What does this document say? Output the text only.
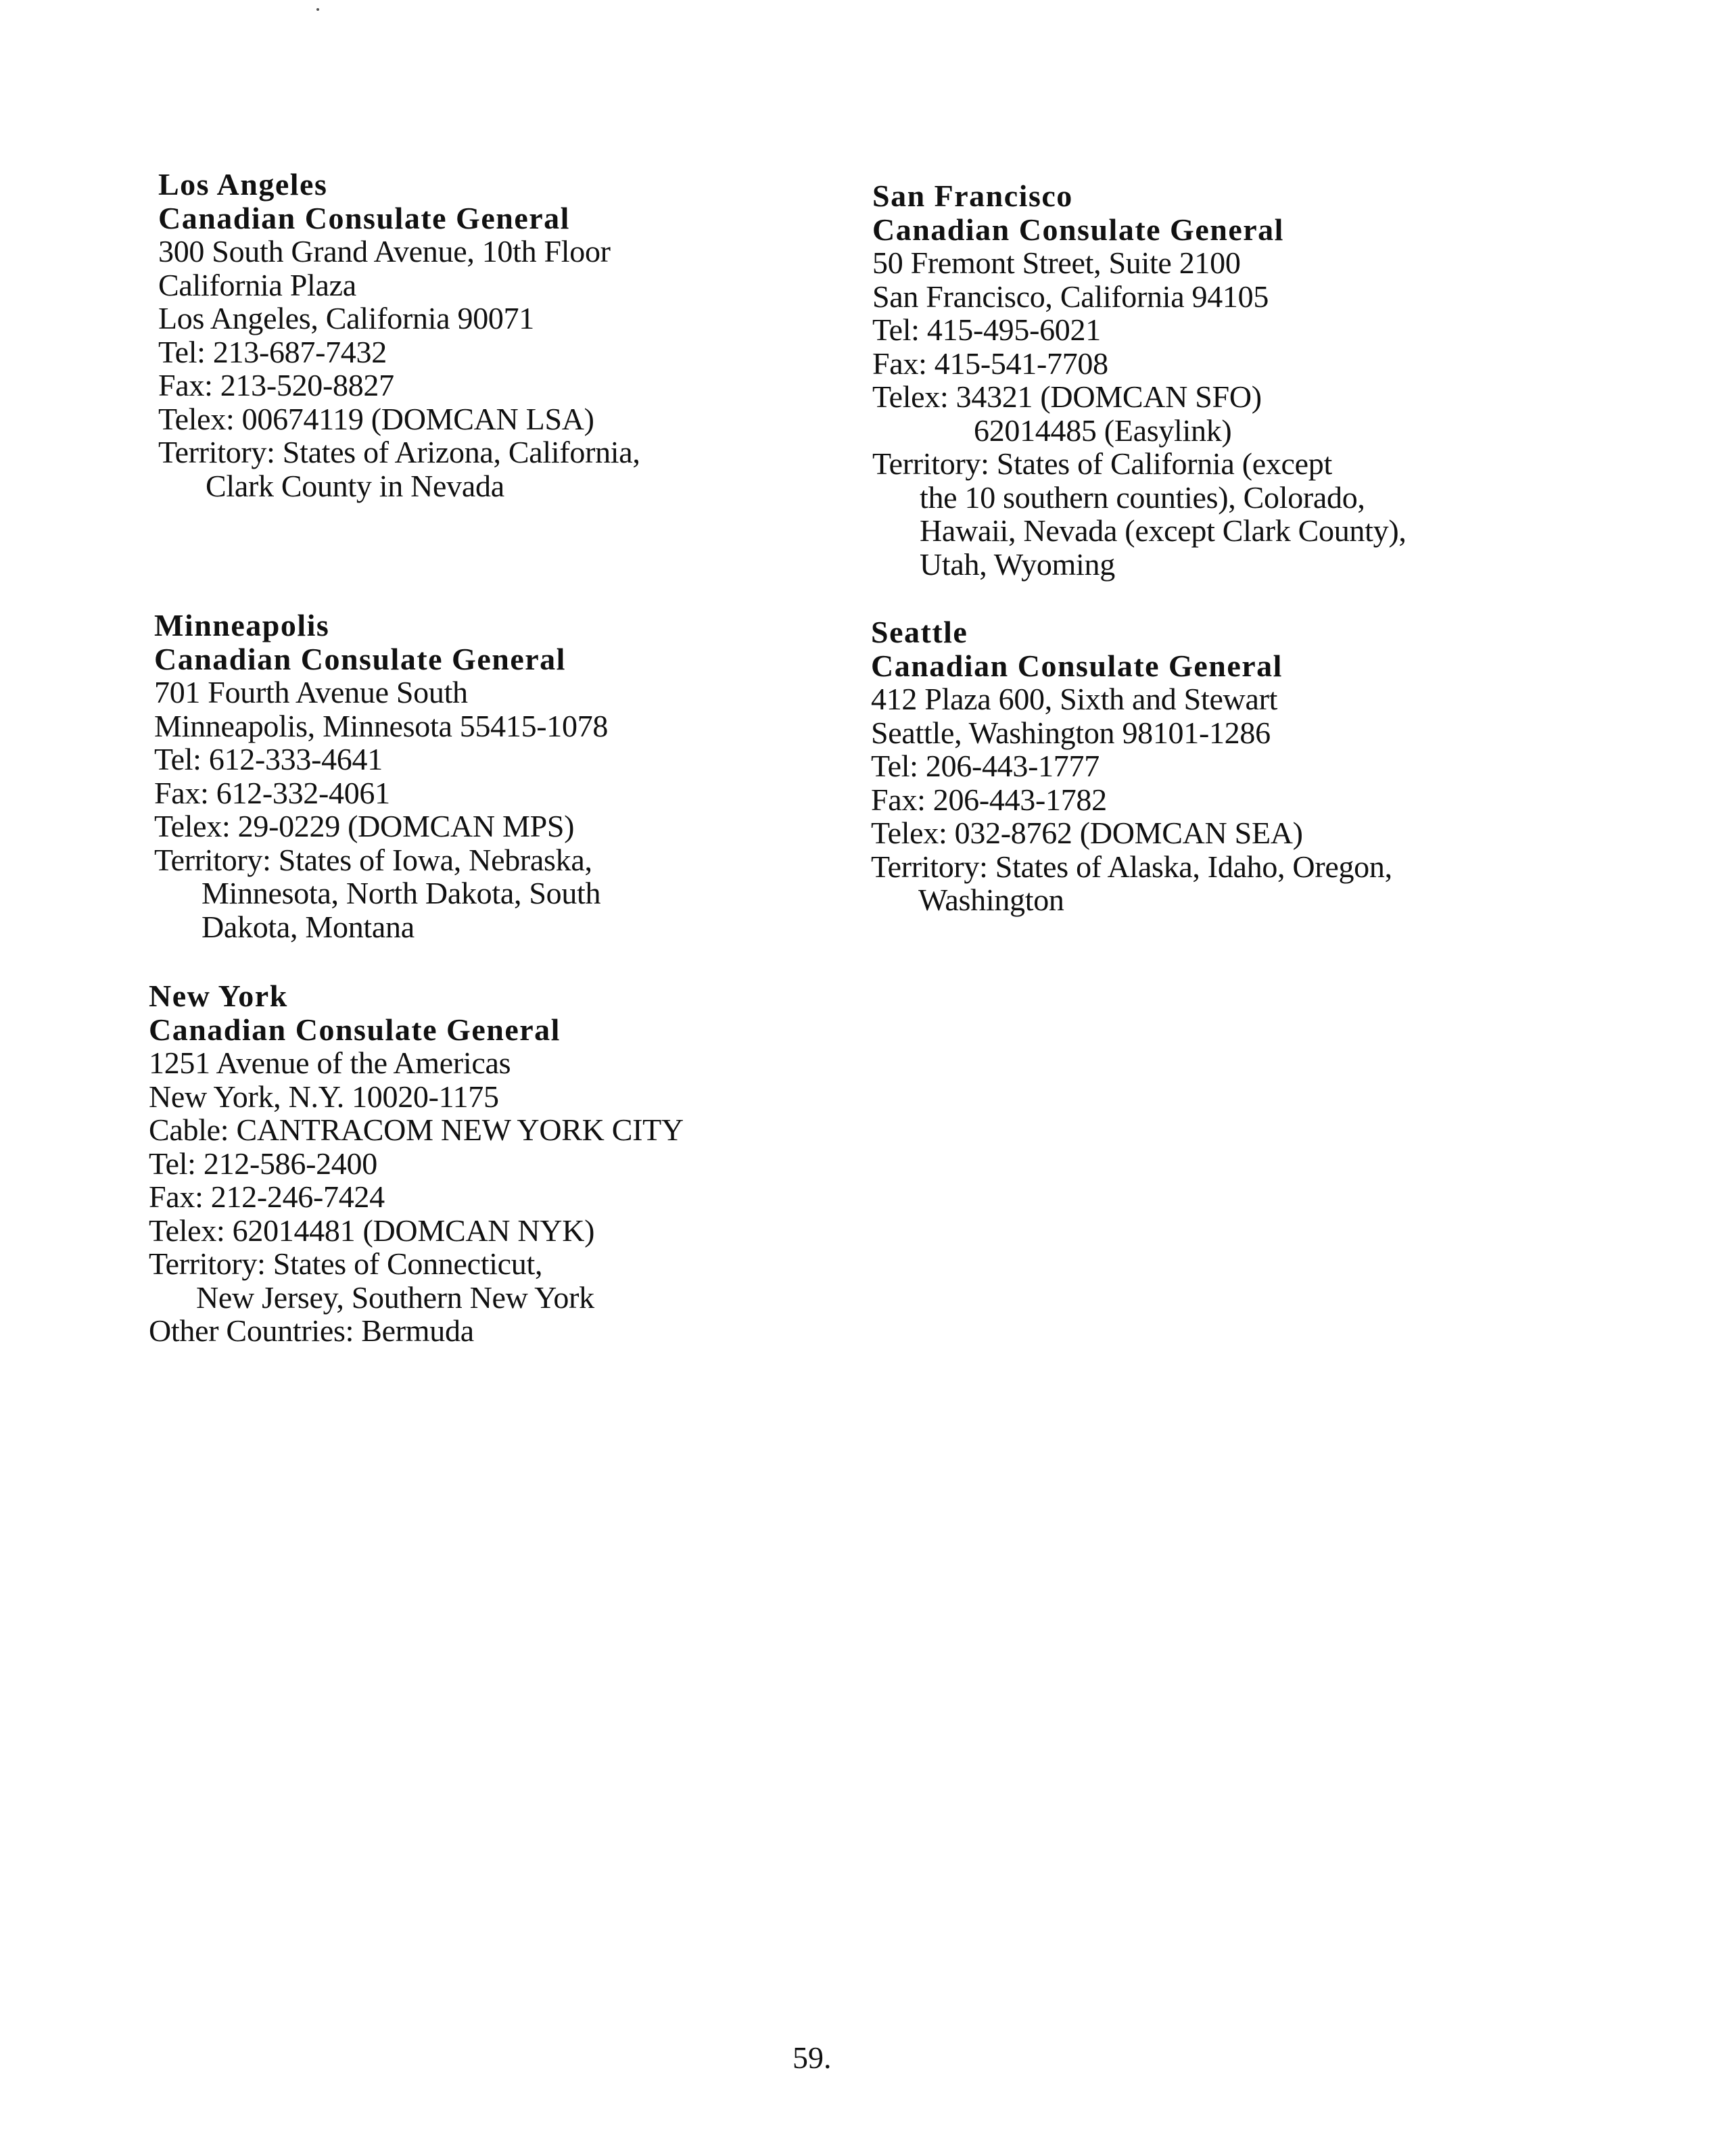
Los Angeles
Canadian Consulate General
300 South Grand Avenue, 10th Floor
California Plaza
Los Angeles, California 90071
Tel: 213-687-7432
Fax: 213-520-8827
Telex: 00674119 (DOMCAN LSA)
Territory: States of Arizona, California,
Clark County in Nevada
Minneapolis
Canadian Consulate General
701 Fourth Avenue South
Minneapolis, Minnesota 55415-1078
Tel: 612-333-4641
Fax: 612-332-4061
Telex: 29-0229 (DOMCAN MPS)
Territory: States of Iowa, Nebraska,
Minnesota, North Dakota, South
Dakota, Montana
New York
Canadian Consulate General
1251 Avenue of the Americas
New York, N.Y. 10020-1175
Cable: CANTRACOM NEW YORK CITY
Tel: 212-586-2400
Fax: 212-246-7424
Telex: 62014481 (DOMCAN NYK)
Territory: States of Connecticut,
New Jersey, Southern New York
Other Countries: Bermuda
San Francisco
Canadian Consulate General
50 Fremont Street, Suite 2100
San Francisco, California 94105
Tel: 415-495-6021
Fax: 415-541-7708
Telex: 34321 (DOMCAN SFO)
62014485 (Easylink)
Territory: States of California (except
the 10 southern counties), Colorado,
Hawaii, Nevada (except Clark County),
Utah, Wyoming
Seattle
Canadian Consulate General
412 Plaza 600, Sixth and Stewart
Seattle, Washington 98101-1286
Tel: 206-443-1777
Fax: 206-443-1782
Telex: 032-8762 (DOMCAN SEA)
Territory: States of Alaska, Idaho, Oregon,
Washington
59.
